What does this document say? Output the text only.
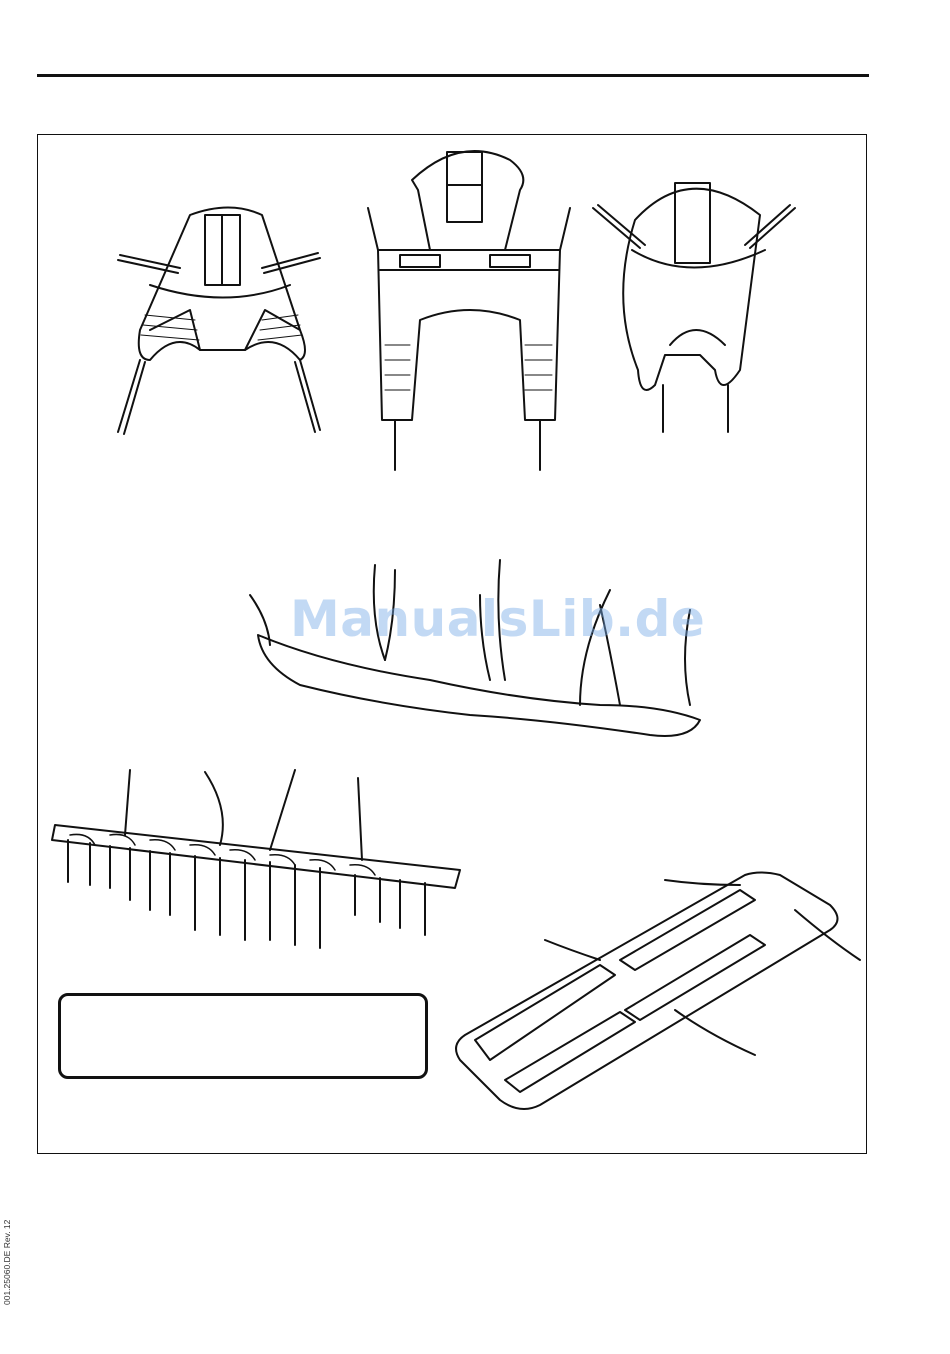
ManualsLib.de
001.25060.DE Rev. 12
